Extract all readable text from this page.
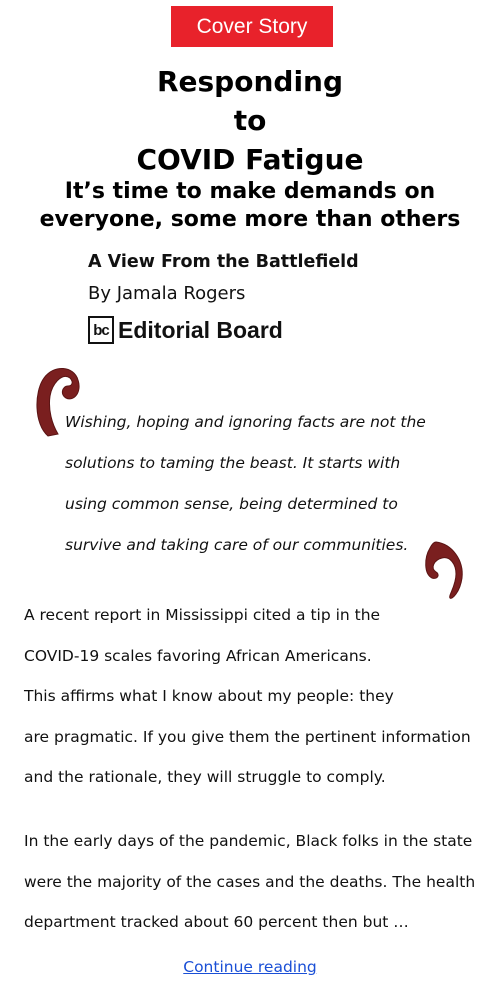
Cover Story
Responding
to
COVID Fatigue
It’s time to make demands on
everyone, some more than others
A View From the Battlefield
By Jamala Rogers
bc Editorial Board
Wishing, hoping and ignoring facts are not the
solutions to taming the beast. It starts with
using common sense, being determined to
survive and taking care of our communities.
A recent report in Mississippi cited a tip in the
COVID-19 scales favoring African Americans.
This affirms what I know about my people: they
are pragmatic. If you give them the pertinent information
and the rationale, they will struggle to comply.
In the early days of the pandemic, Black folks in the state
were the majority of the cases and the deaths. The health
department tracked about 60 percent then but …
Continue reading
